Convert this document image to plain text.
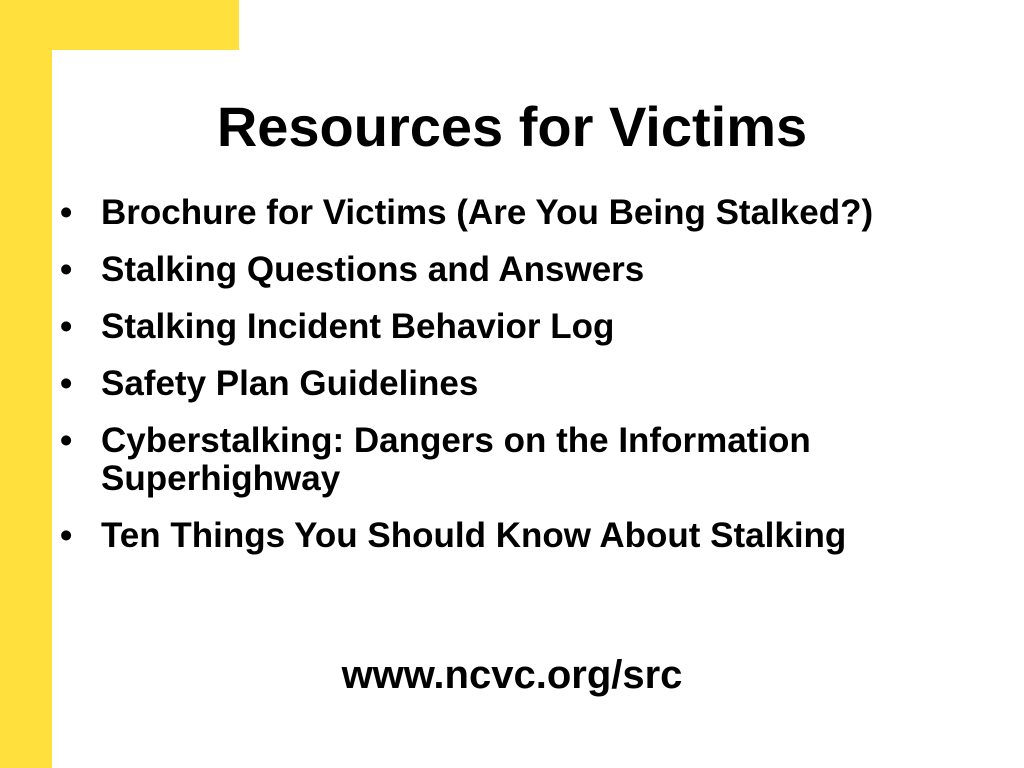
Resources for Victims
• Brochure for Victims (Are You Being Stalked?)
• Stalking Questions and Answers
• Stalking Incident Behavior Log
• Safety Plan Guidelines
• Cyberstalking: Dangers on the Information Superhighway
• Ten Things You Should Know About Stalking
www.ncvc.org/src
